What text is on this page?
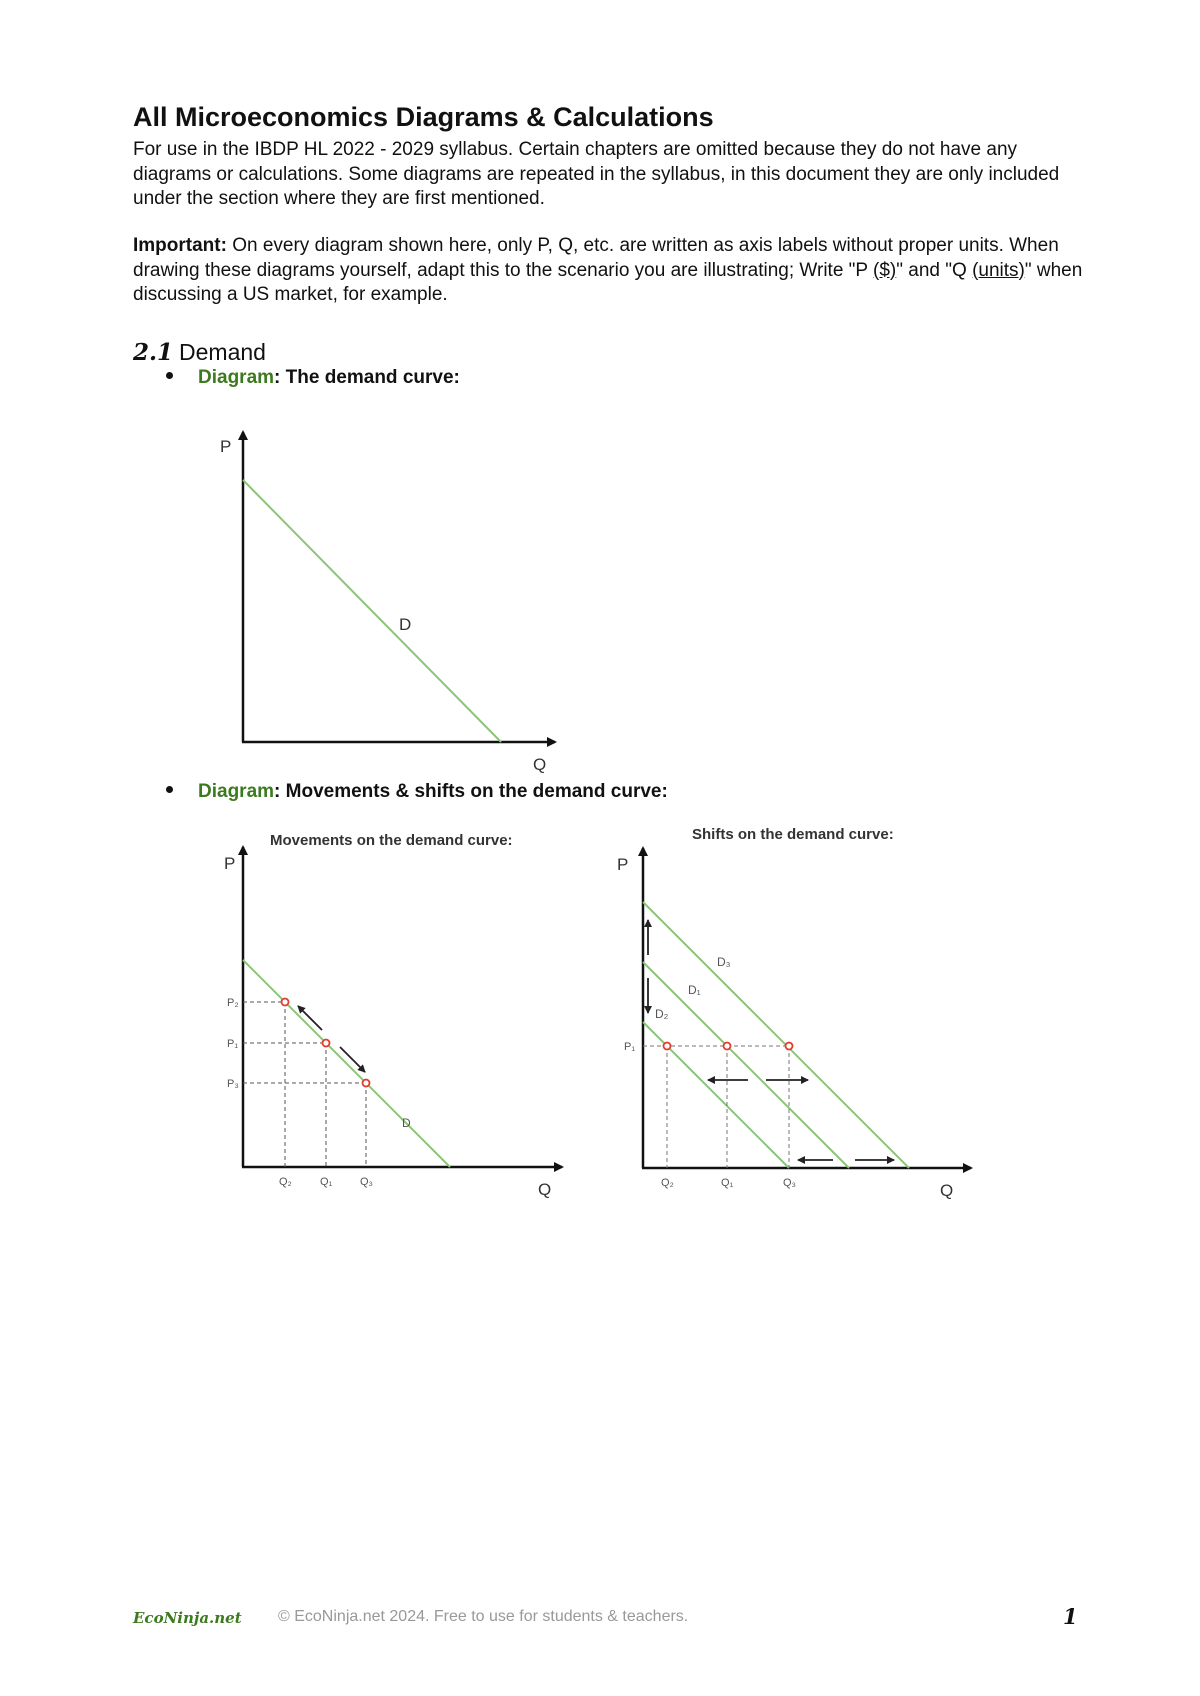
All Microeconomics Diagrams & Calculations

For use in the IBDP HL 2022 - 2029 syllabus. Certain chapters are omitted because they do not have any diagrams or calculations. Some diagrams are repeated in the syllabus, in this document they are only included under the section where they are first mentioned.

Important: On every diagram shown here, only P, Q, etc. are written as axis labels without proper units. When drawing these diagrams yourself, adapt this to the scenario you are illustrating; Write "P ($)" and "Q (units)" when discussing a US market, for example.

2.1 Demand
Diagram: The demand curve:
P
Q
D
Diagram: Movements & shifts on the demand curve:
Movements on the demand curve:
P
Q
D
P₂
P₁
P₃
Q₂	Q₁	Q₃
Shifts on the demand curve:
P
Q
D₃
D₁
D₂
P₁
Q₂	Q₁	Q₃
EcoNinja.net © EcoNinja.net 2024. Free to use for students & teachers.	1
